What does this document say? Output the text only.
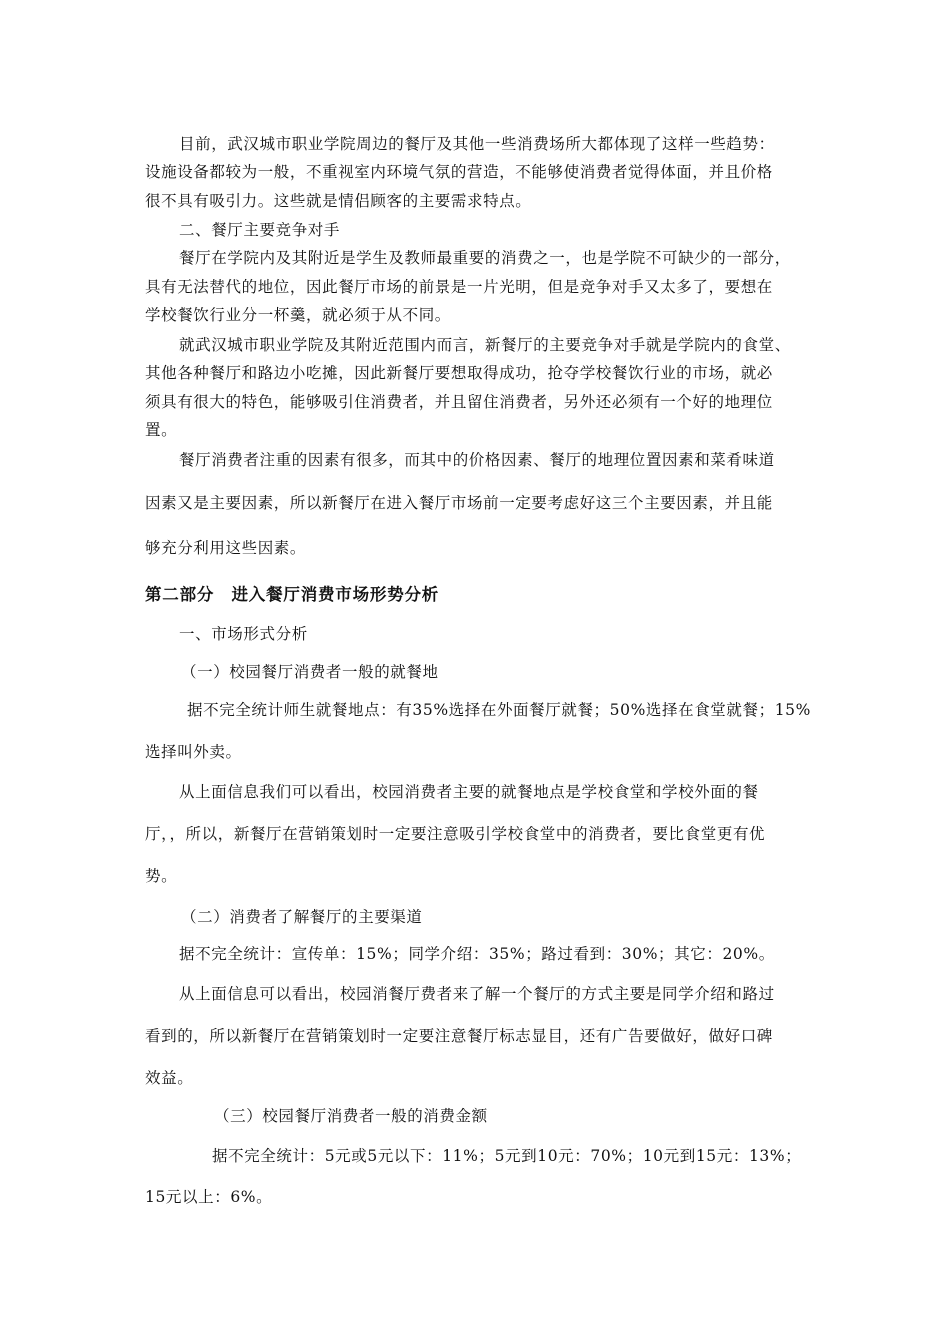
目前，武汉城市职业学院周边的餐厅及其他一些消费场所大都体现了这样一些趋势：
设施设备都较为一般，不重视室内环境气氛的营造，不能够使消费者觉得体面，并且价格
很不具有吸引力。这些就是情侣顾客的主要需求特点。
二、餐厅主要竞争对手
餐厅在学院内及其附近是学生及教师最重要的消费之一，也是学院不可缺少的一部分，
具有无法替代的地位，因此餐厅市场的前景是一片光明，但是竞争对手又太多了，要想在
学校餐饮行业分一杯羹，就必须于从不同。
就武汉城市职业学院及其附近范围内而言，新餐厅的主要竞争对手就是学院内的食堂、
其他各种餐厅和路边小吃摊，因此新餐厅要想取得成功，抢夺学校餐饮行业的市场，就必
须具有很大的特色，能够吸引住消费者，并且留住消费者，另外还必须有一个好的地理位
置。
餐厅消费者注重的因素有很多，而其中的价格因素、餐厅的地理位置因素和菜肴味道
因素又是主要因素，所以新餐厅在进入餐厅市场前一定要考虑好这三个主要因素，并且能
够充分利用这些因素。
第二部分　进入餐厅消费市场形势分析
一、市场形式分析
（一）校园餐厅消费者一般的就餐地
据不完全统计师生就餐地点：有35%选择在外面餐厅就餐；50%选择在食堂就餐；15%
选择叫外卖。
从上面信息我们可以看出，校园消费者主要的就餐地点是学校食堂和学校外面的餐
厅，，所以，新餐厅在营销策划时一定要注意吸引学校食堂中的消费者，要比食堂更有优
势。
（二）消费者了解餐厅的主要渠道
据不完全统计：宣传单：15%；同学介绍：35%；路过看到：30%；其它：20%。
从上面信息可以看出，校园消餐厅费者来了解一个餐厅的方式主要是同学介绍和路过
看到的，所以新餐厅在营销策划时一定要注意餐厅标志显目，还有广告要做好，做好口碑
效益。
（三）校园餐厅消费者一般的消费金额
据不完全统计：5元或5元以下：11%；5元到10元：70%；10元到15元：13%；
15元以上：6%。
